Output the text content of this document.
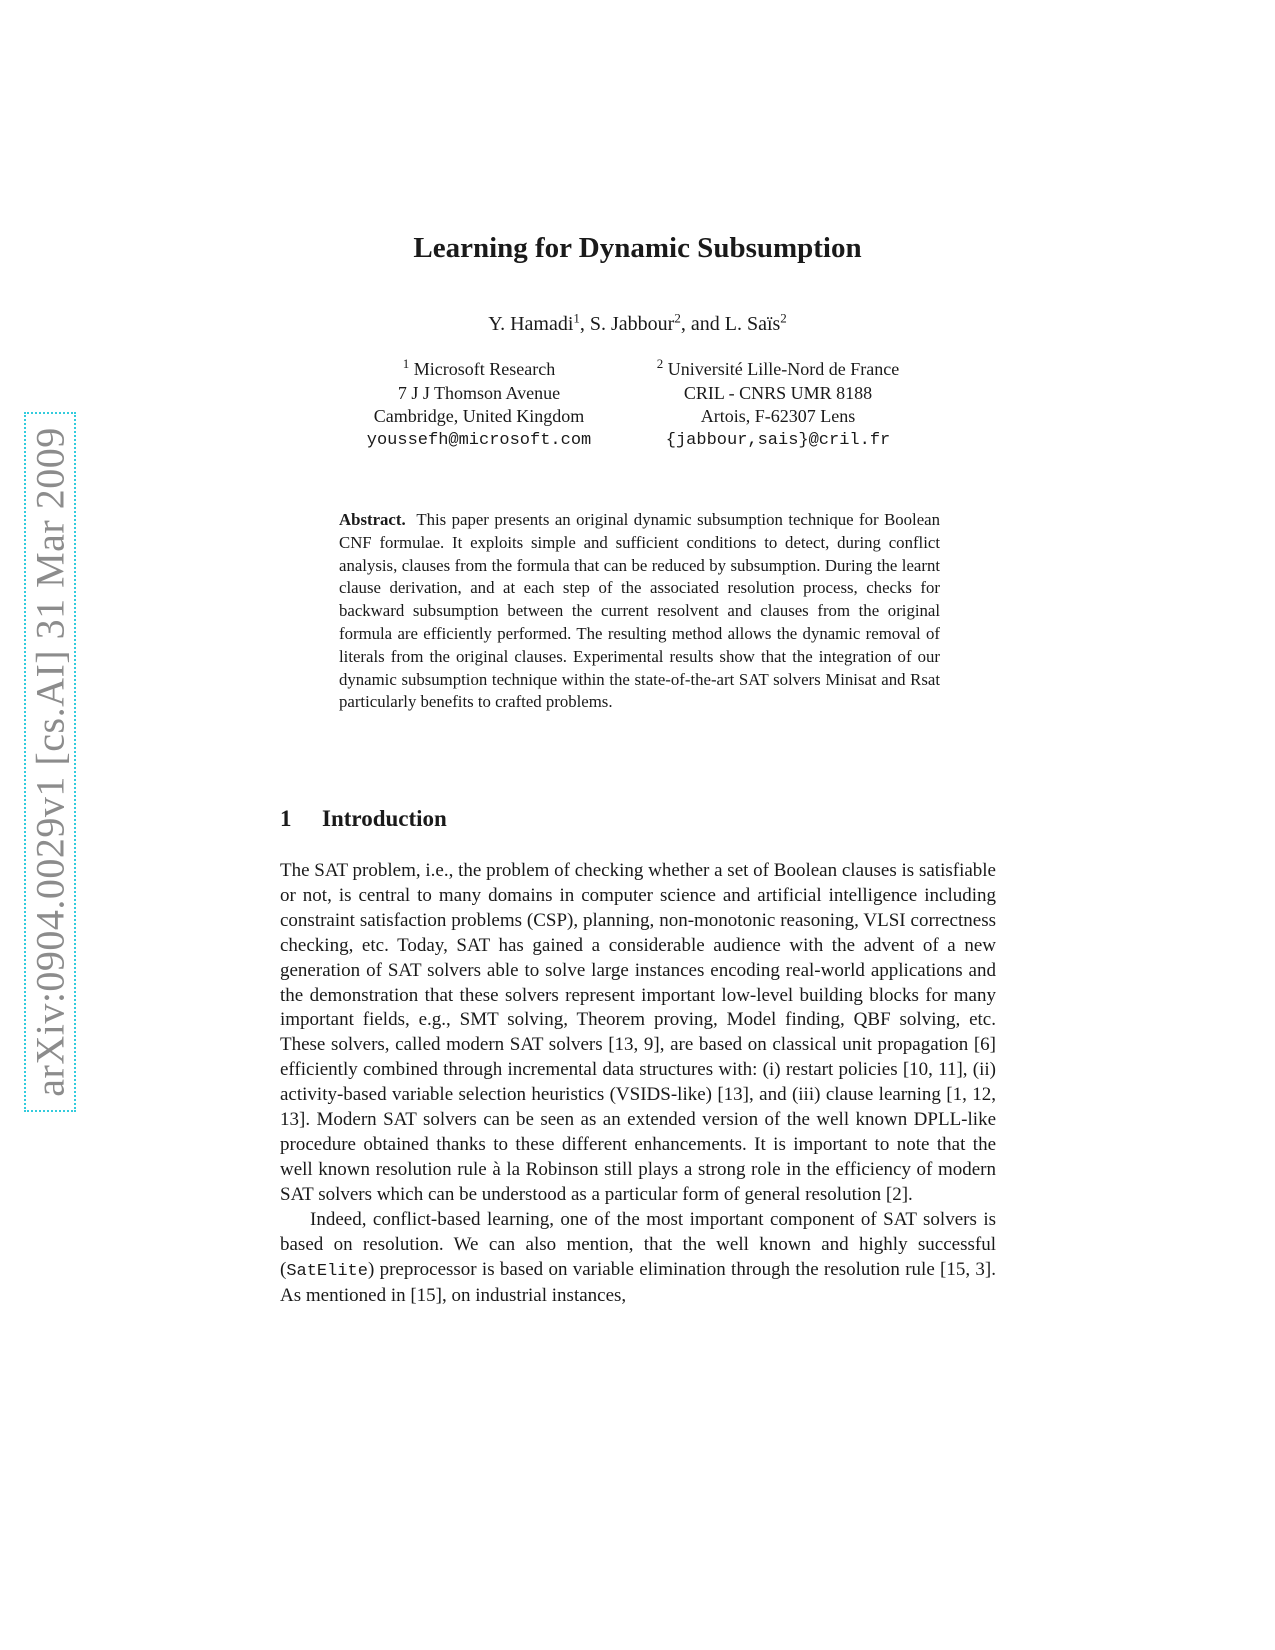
arXiv:0904.0029v1 [cs.AI] 31 Mar 2009
Learning for Dynamic Subsumption
Y. Hamadi$^1$, S. Jabbour$^2$, and L. Saïs$^2$
$^1$ Microsoft Research
7 J J Thomson Avenue
Cambridge, United Kingdom
youssefh@microsoft.com
$^2$ Université Lille-Nord de France
CRIL - CNRS UMR 8188
Artois, F-62307 Lens
{jabbour,sais}@cril.fr
Abstract. This paper presents an original dynamic subsumption technique for Boolean CNF formulae. It exploits simple and sufficient conditions to detect, during conflict analysis, clauses from the formula that can be reduced by subsumption. During the learnt clause derivation, and at each step of the associated resolution process, checks for backward subsumption between the current resolvent and clauses from the original formula are efficiently performed. The resulting method allows the dynamic removal of literals from the original clauses. Experimental results show that the integration of our dynamic subsumption technique within the state-of-the-art SAT solvers Minisat and Rsat particularly benefits to crafted problems.
1 Introduction

The SAT problem, i.e., the problem of checking whether a set of Boolean clauses is satisfiable or not, is central to many domains in computer science and artificial intelligence including constraint satisfaction problems (CSP), planning, non-monotonic reasoning, VLSI correctness checking, etc. Today, SAT has gained a considerable audience with the advent of a new generation of SAT solvers able to solve large instances encoding real-world applications and the demonstration that these solvers represent important low-level building blocks for many important fields, e.g., SMT solving, Theorem proving, Model finding, QBF solving, etc. These solvers, called modern SAT solvers [13, 9], are based on classical unit propagation [6] efficiently combined through incremental data structures with: (i) restart policies [10, 11], (ii) activity-based variable selection heuristics (VSIDS-like) [13], and (iii) clause learning [1, 12, 13]. Modern SAT solvers can be seen as an extended version of the well known DPLL-like procedure obtained thanks to these different enhancements. It is important to note that the well known resolution rule à la Robinson still plays a strong role in the efficiency of modern SAT solvers which can be understood as a particular form of general resolution [2].

Indeed, conflict-based learning, one of the most important component of SAT solvers is based on resolution. We can also mention, that the well known and highly successful (SatElite) preprocessor is based on variable elimination through the resolution rule [15, 3]. As mentioned in [15], on industrial instances,
